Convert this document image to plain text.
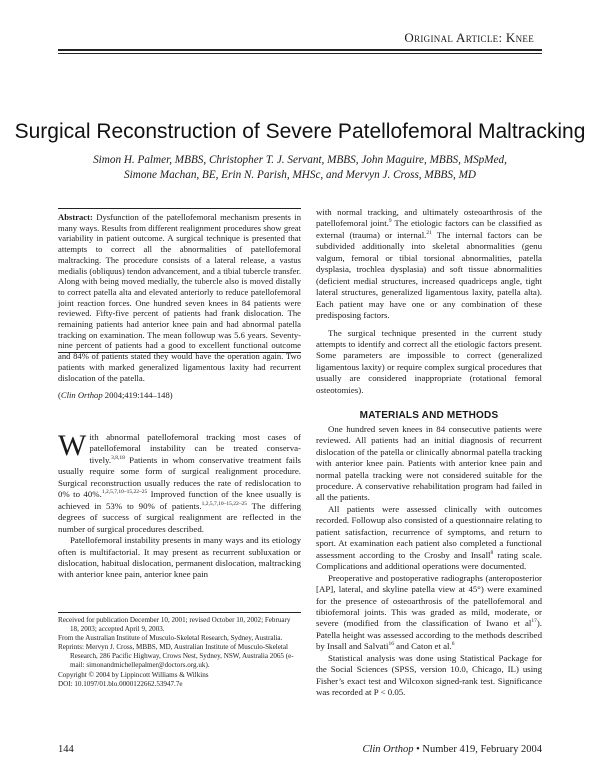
Original Article: Knee
Surgical Reconstruction of Severe Patellofemoral Maltracking
Simon H. Palmer, MBBS, Christopher T. J. Servant, MBBS, John Maguire, MBBS, MSpMed,
Simone Machan, BE, Erin N. Parish, MHSc, and Mervyn J. Cross, MBBS, MD

Abstract: Dysfunction of the patellofemoral mechanism presents in many ways. Results from different realignment procedures show great variability in patient outcome. A surgical technique is presented that attempts to correct all the abnormalities of patellofemoral maltracking. The procedure consists of a lateral release, a vastus medialis (obliquus) tendon advancement, and a tibial tubercle transfer. Along with being moved medially, the tubercle also is moved distally to correct patella alta and elevated anteriorly to reduce patellofemoral joint reaction forces. One hundred seven knees in 84 patients were reviewed. Fifty-five percent of patients had frank dislocation. The remaining patients had anterior knee pain and had abnormal patella tracking on examination. The mean followup was 5.6 years. Seventy-nine percent of patients had a good to excellent functional outcome and 84% of patients stated they would have the operation again. Two patients with marked generalized ligamentous laxity had recurrent dislocation of the patella.

(Clin Orthop 2004;419:144–148)

With abnormal patellofemoral tracking most cases of patellofemoral instability can be treated conserva-tively.$^{3,8,18}$ Patients in whom conservative treatment fails usually require some form of surgical realignment procedure. Surgical reconstruction usually reduces the rate of redislocation to 0% to 40%.$^{1,2,5,7,10-15,22-25}$ Improved function of the knee usually is achieved in 53% to 90% of patients.$^{1,2,5,7,10-15,22-25}$ The differing degrees of success of surgical realignment are reflected in the number of surgical procedures described.

Patellofemoral instability presents in many ways and its etiology often is multifactorial. It may present as recurrent subluxation or dislocation, habitual dislocation, permanent dislocation, maltracking with anterior knee pain, anterior knee pain

Received for publication December 10, 2001; revised October 10, 2002; February 18, 2003; accepted April 9, 2003.
From the Australian Institute of Musculo-Skeletal Research, Sydney, Australia.
Reprints: Mervyn J. Cross, MBBS, MD, Australian Institute of Musculo-Skeletal Research, 286 Pacific Highway, Crows Nest, Sydney, NSW, Australia 2065 (e-mail: simonandmichellepalmer@doctors.org.uk).
Copyright © 2004 by Lippincott Williams & Wilkins
DOI: 10.1097/01.blo.0000122662.53947.7e

with normal tracking, and ultimately osteoarthrosis of the patellofemoral joint.$^9$ The etiologic factors can be classified as external (trauma) or internal.$^{21}$ The internal factors can be subdivided additionally into skeletal abnormalities (genu valgum, femoral or tibial torsional abnormalities, patella dysplasia, trochlea dysplasia) and soft tissue abnormalities (deficient medial structures, increased quadriceps angle, tight lateral structures, generalized ligamentous laxity, patella alta). Each patient may have one or any combination of these predisposing factors.

The surgical technique presented in the current study attempts to identify and correct all the etiologic factors present. Some parameters are impossible to correct (generalized ligamentous laxity) or require complex surgical procedures that usually are considered inappropriate (rotational femoral osteotomies).

MATERIALS AND METHODS

One hundred seven knees in 84 consecutive patients were reviewed. All patients had an initial diagnosis of recurrent dislocation of the patella or clinically abnormal patella tracking with anterior knee pain. Patients with anterior knee pain and normal patella tracking were not considered suitable for the procedure. A conservative rehabilitation program had failed in all the patients.

All patients were assessed clinically with outcomes recorded. Followup also consisted of a questionnaire relating to patient satisfaction, recurrence of symptoms, and return to sport. At examination each patient also completed a functional assessment according to the Crosby and Insall$^8$ rating scale. Complications and additional operations were documented.

Preoperative and postoperative radiographs (anteroposterior [AP], lateral, and skyline patella view at 45°) were examined for the presence of osteoarthrosis of the patellofemoral and tibiofemoral joints. This was graded as mild, moderate, or severe (modified from the classification of Iwano et $al^{17}$). Patella height was assessed according to the methods described by Insall and Salvati$^{16}$ and Caton et al.$^6$

Statistical analysis was done using Statistical Package for the Social Sciences (SPSS, version 10.0, Chicago, IL) using Fisher’s exact test and Wilcoxon signed-rank test. Significance was recorded at P < 0.05.

144	Clin Orthop • Number 419, February 2004
